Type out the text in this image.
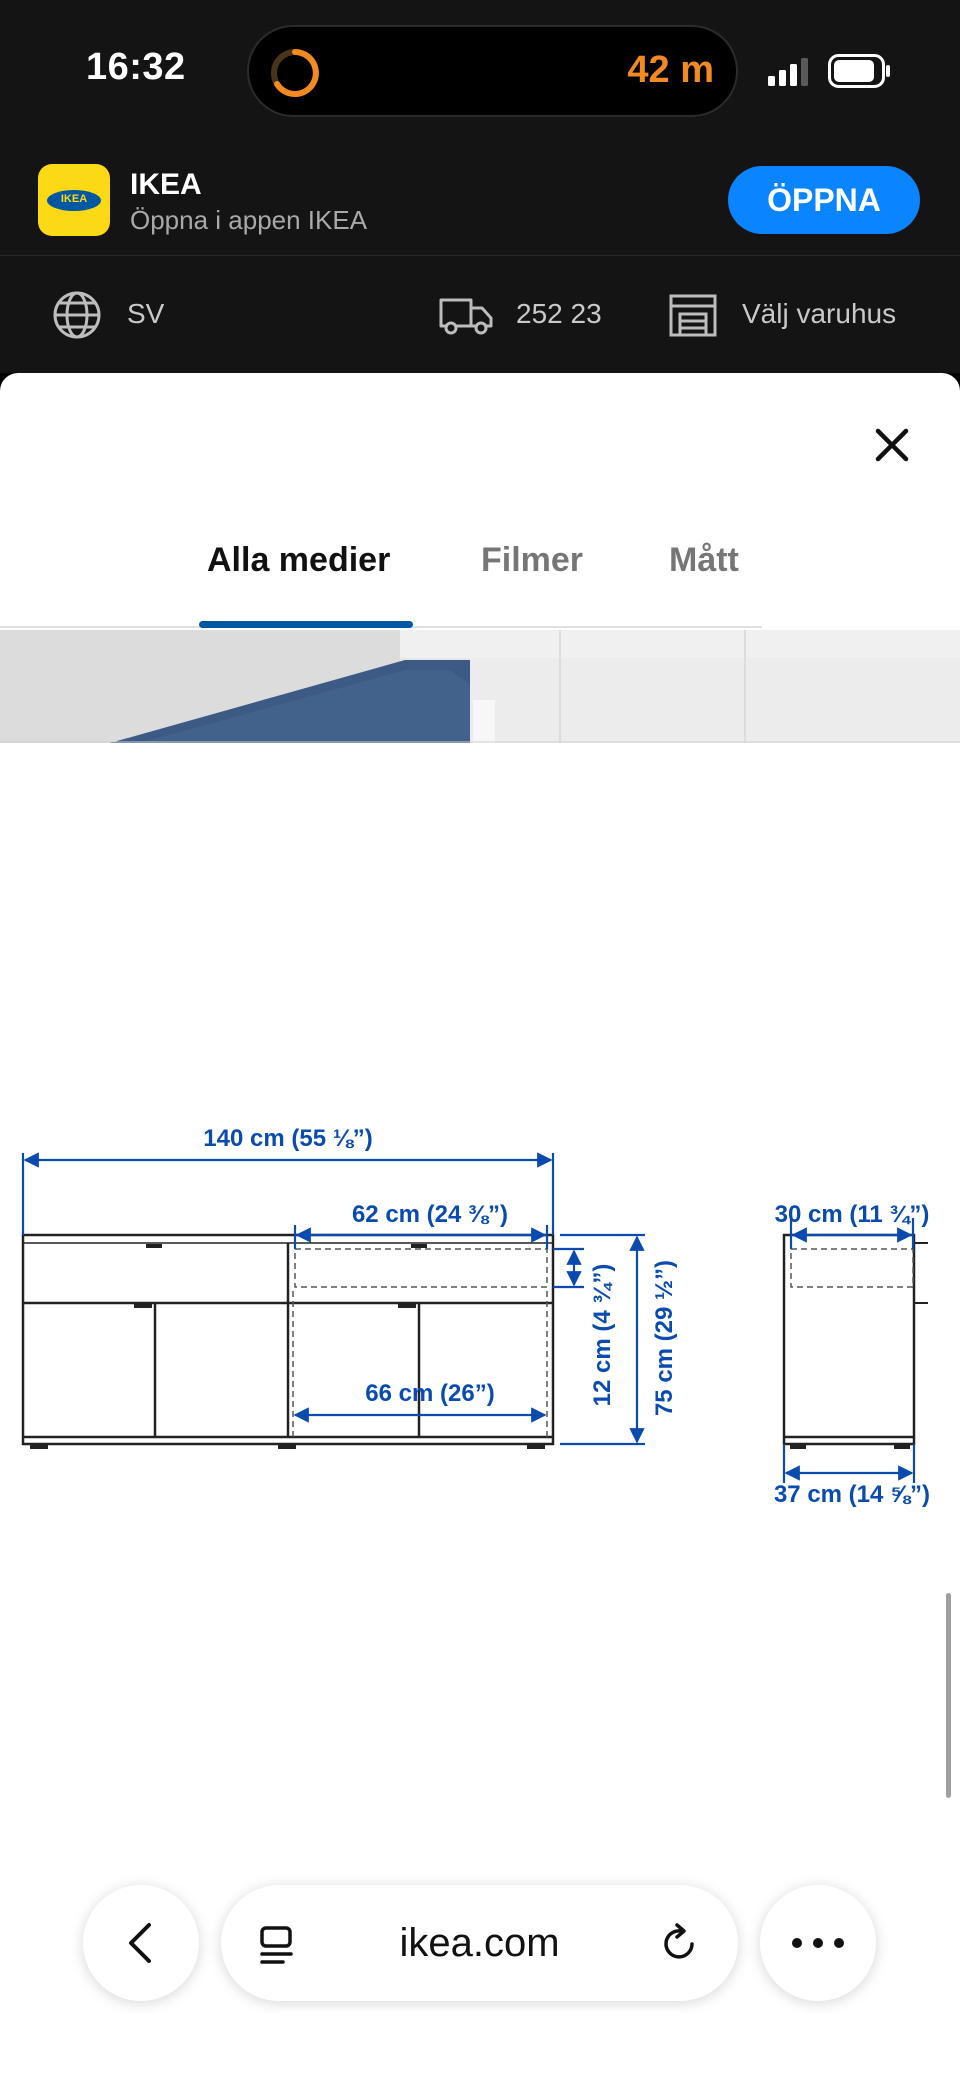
16:32	42 m
IKEA	IKEA
Öppna i appen IKEA
ÖPPNA
SV	252 23	Välj varuhus
Alla medier	Filmer	Mått
140 cm (55 ⅛”)
62 cm (24 ⅜”)
66 cm (26”)	12 cm (4 ¾”) 75 cm (29 ½”)
30 cm (11 ¾”)
37 cm (14 ⅝”)
ikea.com
